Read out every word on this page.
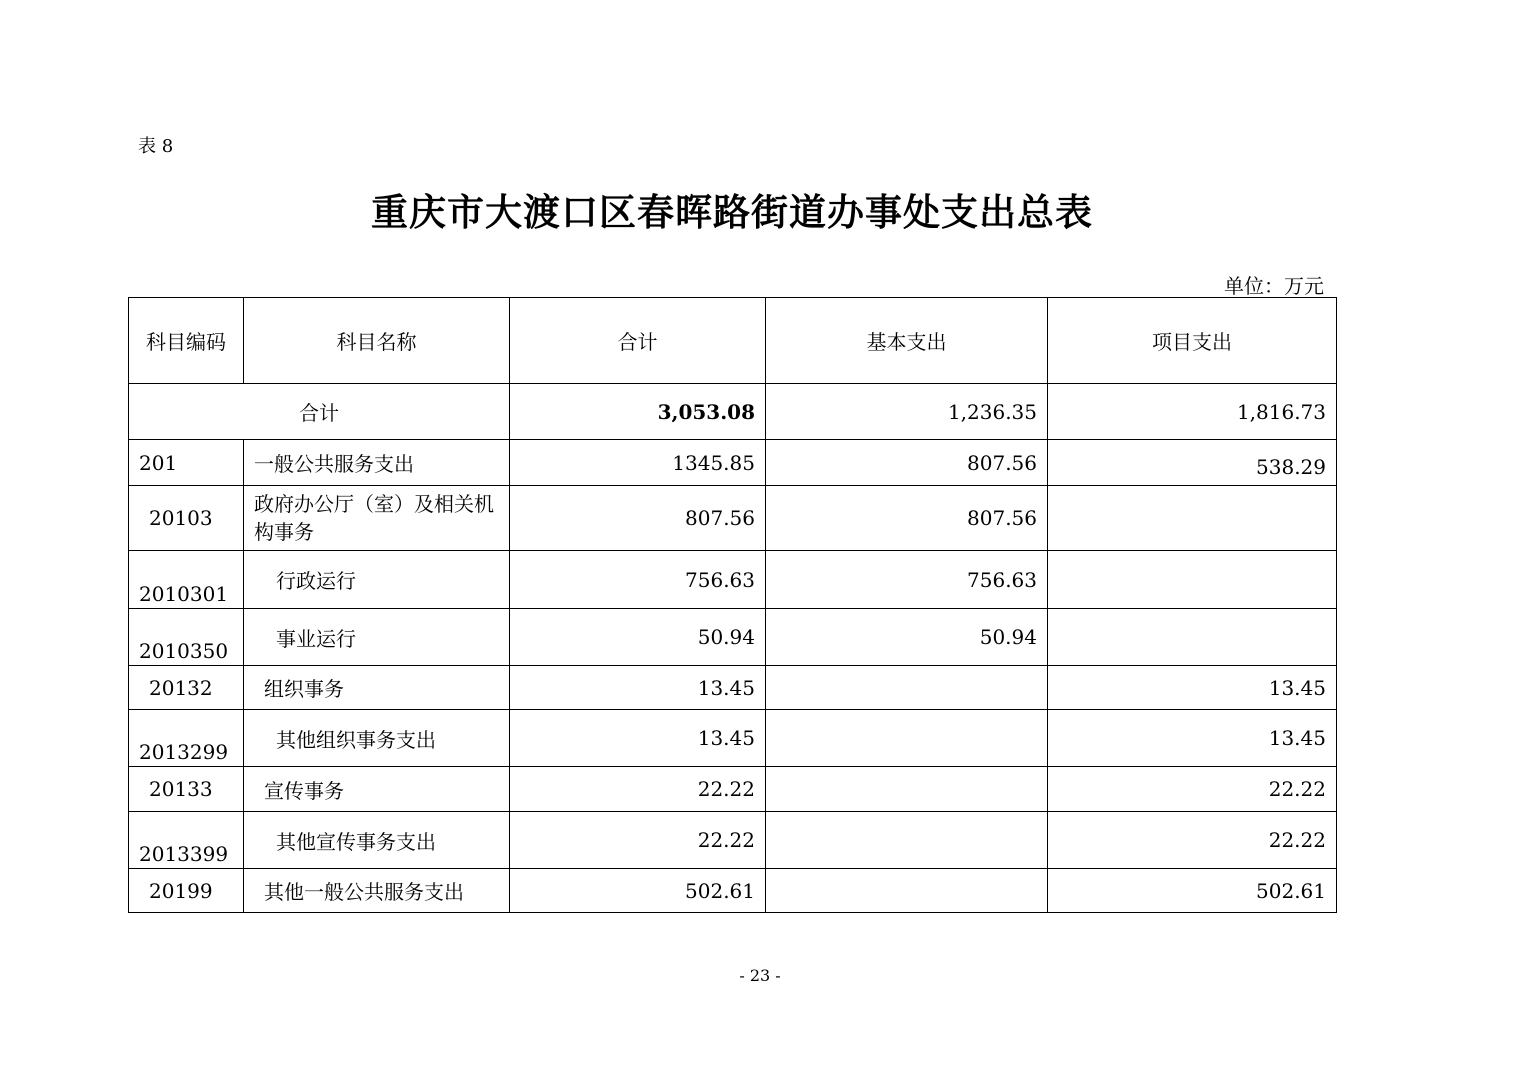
表 8
重庆市大渡口区春晖路街道办事处支出总表
单位：万元
科目编码	科目名称	合计	基本支出	项目支出
合计		3,053.08	1,236.35	1,816.73
201	一般公共服务支出	1345.85	807.56	538.29
20103	政府办公厅（室）及相关机构事务	807.56	807.56	
2010301	行政运行	756.63	756.63	
2010350	事业运行	50.94	50.94	
20132	组织事务	13.45		13.45
2013299	其他组织事务支出	13.45		13.45
20133	宣传事务	22.22		22.22
2013399	其他宣传事务支出	22.22		22.22
20199	其他一般公共服务支出	502.61		502.61
- 23 -
